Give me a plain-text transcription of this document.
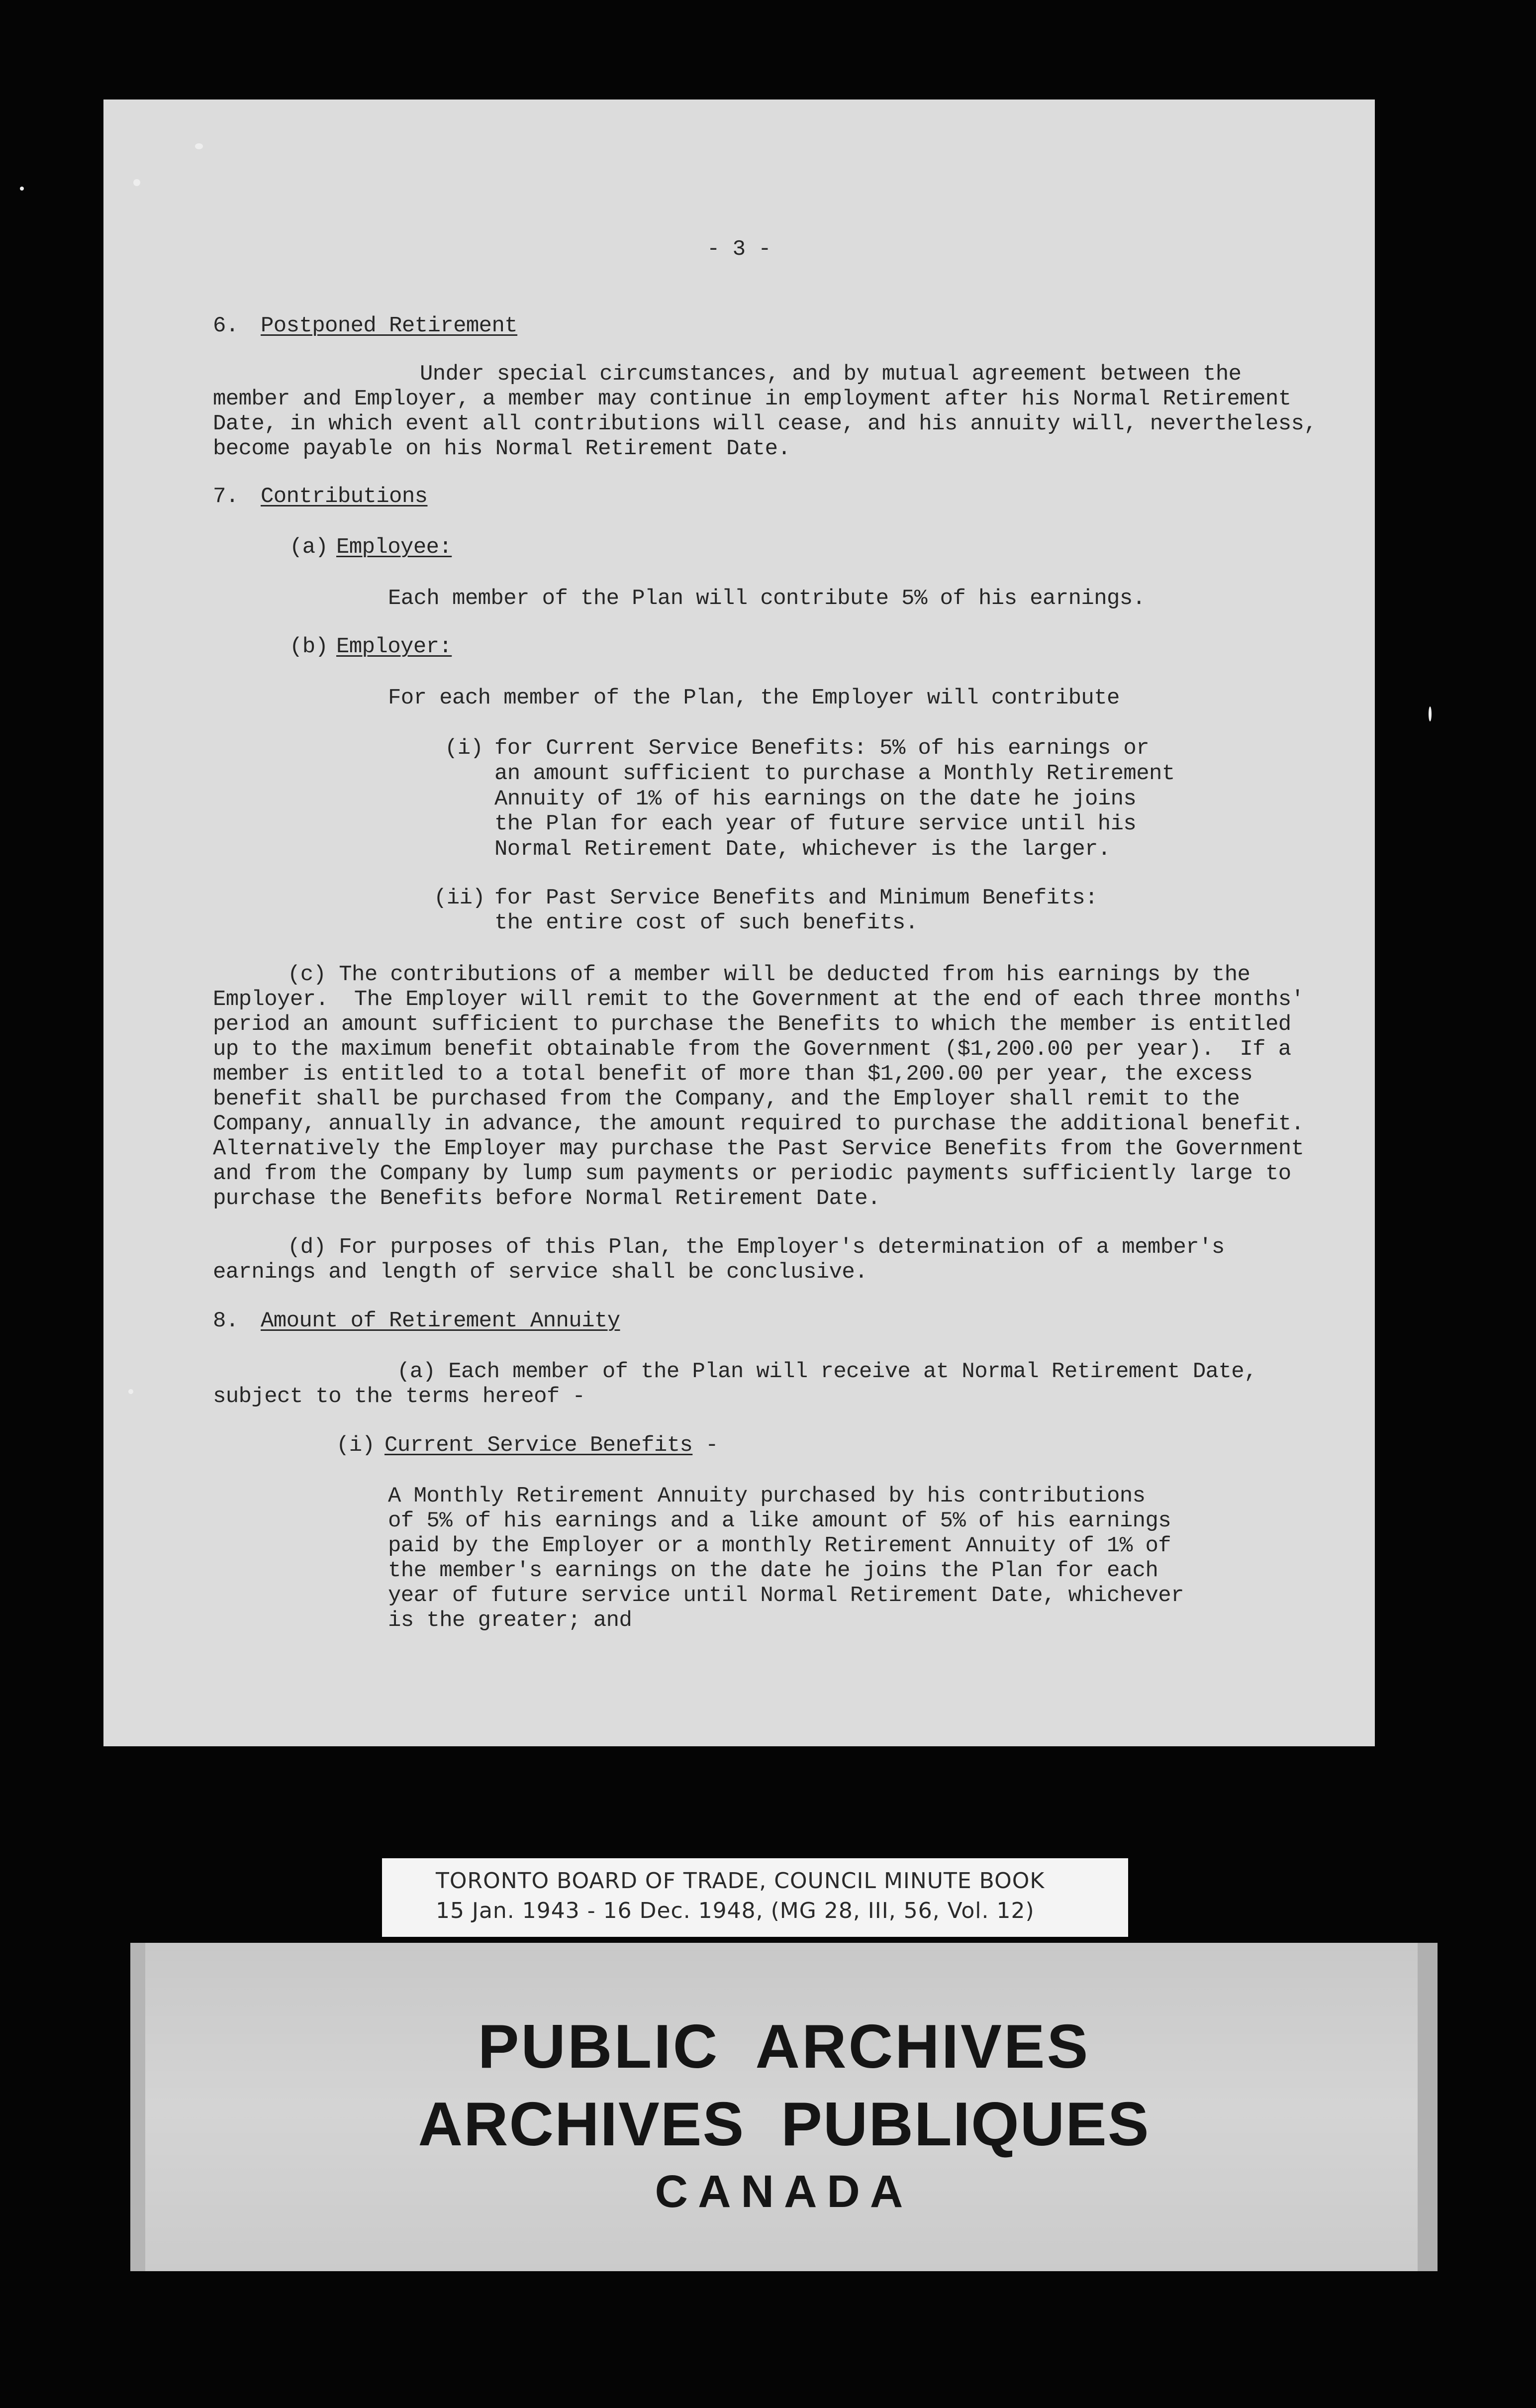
- 3 -

6.

Postponed Retirement

Under special circumstances, and by mutual agreement between the

member and Employer, a member may continue in employment after his Normal Retirement

Date, in which event all contributions will cease, and his annuity will, nevertheless,

become payable on his Normal Retirement Date.

7.

Contributions

(a)

Employee:

Each member of the Plan will contribute 5% of his earnings.

(b)

Employer:

For each member of the Plan, the Employer will contribute

(i)

for Current Service Benefits: 5% of his earnings or

an amount sufficient to purchase a Monthly Retirement

Annuity of 1% of his earnings on the date he joins

the Plan for each year of future service until his

Normal Retirement Date, whichever is the larger.

(ii)

for Past Service Benefits and Minimum Benefits:

the entire cost of such benefits.

(c) The contributions of a member will be deducted from his earnings by the

Employer.  The Employer will remit to the Government at the end of each three months'

period an amount sufficient to purchase the Benefits to which the member is entitled

up to the maximum benefit obtainable from the Government ($1,200.00 per year).  If a

member is entitled to a total benefit of more than $1,200.00 per year, the excess

benefit shall be purchased from the Company, and the Employer shall remit to the

Company, annually in advance, the amount required to purchase the additional benefit.

Alternatively the Employer may purchase the Past Service Benefits from the Government

and from the Company by lump sum payments or periodic payments sufficiently large to

purchase the Benefits before Normal Retirement Date.

(d) For purposes of this Plan, the Employer's determination of a member's

earnings and length of service shall be conclusive.

8.

Amount of Retirement Annuity

(a) Each member of the Plan will receive at Normal Retirement Date,

subject to the terms hereof -

(i)

Current Service Benefits -

A Monthly Retirement Annuity purchased by his contributions

of 5% of his earnings and a like amount of 5% of his earnings

paid by the Employer or a monthly Retirement Annuity of 1% of

the member's earnings on the date he joins the Plan for each

year of future service until Normal Retirement Date, whichever

is the greater; and

TORONTO BOARD OF TRADE, COUNCIL MINUTE BOOK
15 Jan. 1943 - 16 Dec. 1948, (MG 28, III, 56, Vol. 12)
PUBLIC  ARCHIVES
ARCHIVES  PUBLIQUES
CANADA
